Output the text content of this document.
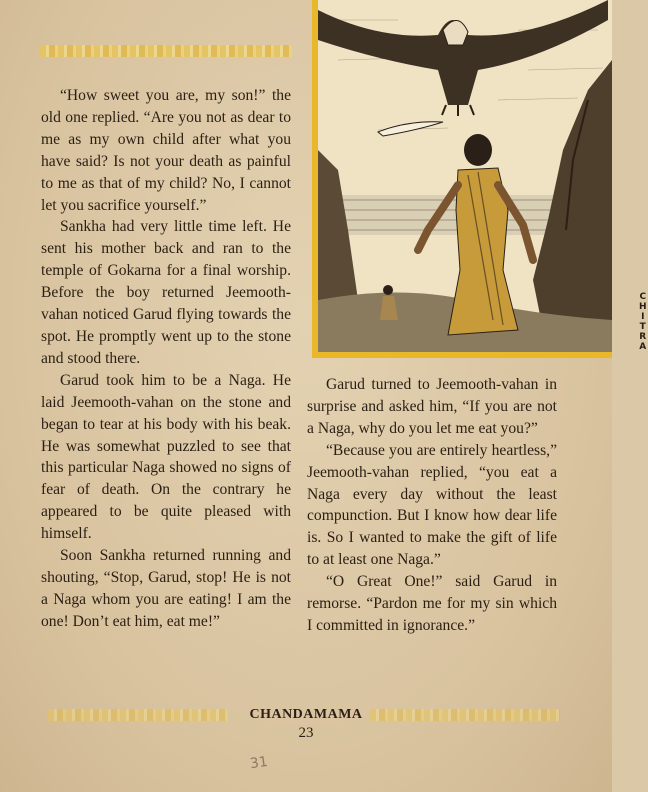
“How sweet you are, my son!” the old one replied. “Are you not as dear to me as my own child after what you have said? Is not your death as painful to me as that of my child? No, I cannot let you sacrifice yourself.”

Sankha had very little time left. He sent his mother back and ran to the temple of Gokarna for a final worship. Before the boy returned Jeemooth-vahan noticed Garud flying towards the spot. He promptly went up to the stone and stood there.

Garud took him to be a Naga. He laid Jeemooth-vahan on the stone and began to tear at his body with his beak. He was somewhat puzzled to see that this particular Naga showed no signs of fear of death. On the contrary he appeared to be quite pleased with himself.

Soon Sankha returned running and shouting, “Stop, Garud, stop! He is not a Naga whom you are eating! I am the one! Don’t eat him, eat me!”

C
H
I
T
R
A

Garud turned to Jeemooth-vahan in surprise and asked him, “If you are not a Naga, why do you let me eat you?”

“Because you are entirely heartless,” Jeemooth-vahan replied, “you eat a Naga every day without the least compunction. But I know how dear life is. So I wanted to make the gift of life to at least one Naga.”

“O Great One!” said Garud in remorse. “Pardon me for my sin which I committed in ignorance.”

CHANDAMAMA
23
31
